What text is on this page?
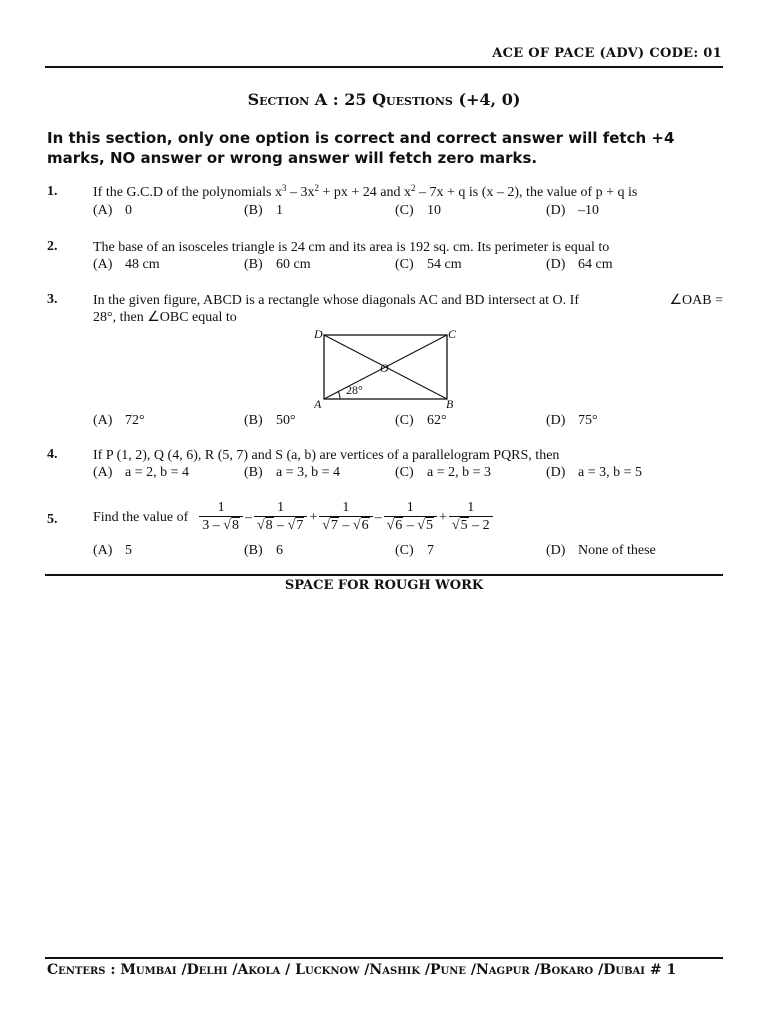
ACE OF PACE (ADV) CODE: 01
Section A : 25 Questions (+4, 0)
In this section, only one option is correct and correct answer will fetch +4 marks, NO answer or wrong answer will fetch zero marks.
1.	If the G.C.D of the polynomials $x^3 - 3x^2$ + px + 24 and $x^2 - 7x + q$ is (x – 2), the value of p + q is
(A) 0	(B) 1	(C) 10	(D) –10
2.	The base of an isosceles triangle is 24 cm and its area is 192 sq. cm. Its perimeter is equal to
(A) 48 cm	(B) 60 cm	(C) 54 cm	(D) 64 cm
3.	In the given figure, ABCD is a rectangle whose diagonals AC and BD intersect at O. If	∠OAB =
28°, then ∠OBC equal to
D	C
A	B
O
28°
(A) 72°	(B) 50°	(C) 62°	(D) 75°
4.	If P (1, 2), Q (4, 6), R (5, 7) and S (a, b) are vertices of a parallelogram PQRS, then
(A) a = 2, b = 4	(B) a = 3, b = 4	(C) a = 2, b = 3	(D) a = 3, b = 5
5.	Find the value of $\frac{1}{3 - √8} - \frac{1}{√8 - √7} + \frac{1}{√7 - √6} - \frac{1}{√6 - √5} + \frac{1}{√5 - 2}$
(A) 5	(B) 6	(C) 7	(D) None of these
SPACE FOR ROUGH WORK
Centers : Mumbai /Delhi /Akola / Lucknow /Nashik /Pune /Nagpur /Bokaro /Dubai # 1
